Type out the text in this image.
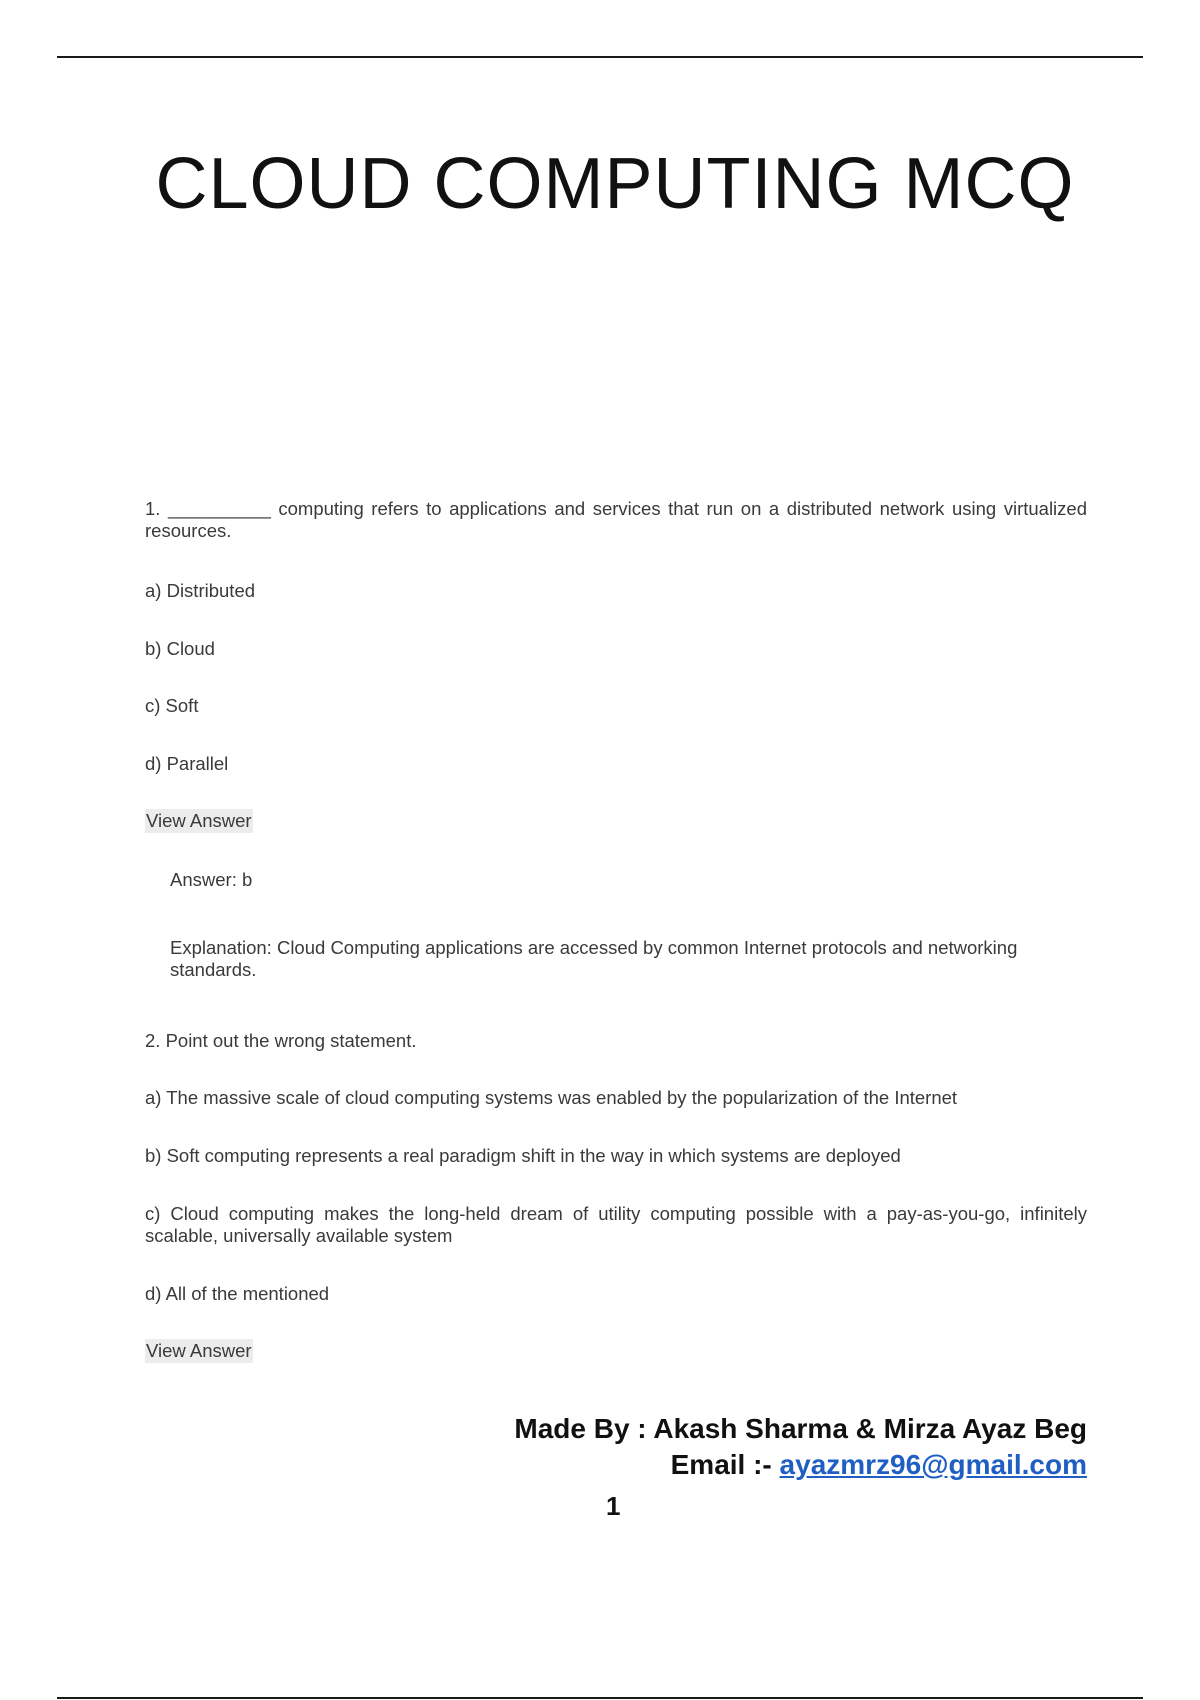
CLOUD COMPUTING MCQ

1. __________ computing refers to applications and services that run on a distributed network using virtualized resources.

a) Distributed

b) Cloud

c) Soft

d) Parallel

View Answer

Answer: b

Explanation: Cloud Computing applications are accessed by common Internet protocols and networking standards.

2. Point out the wrong statement.

a) The massive scale of cloud computing systems was enabled by the popularization of the Internet

b) Soft computing represents a real paradigm shift in the way in which systems are deployed

c) Cloud computing makes the long-held dream of utility computing possible with a pay-as-you-go, infinitely scalable, universally available system

d) All of the mentioned

View Answer
Made By : Akash Sharma & Mirza Ayaz Beg
Email :- ayazmrz96@gmail.com
1
